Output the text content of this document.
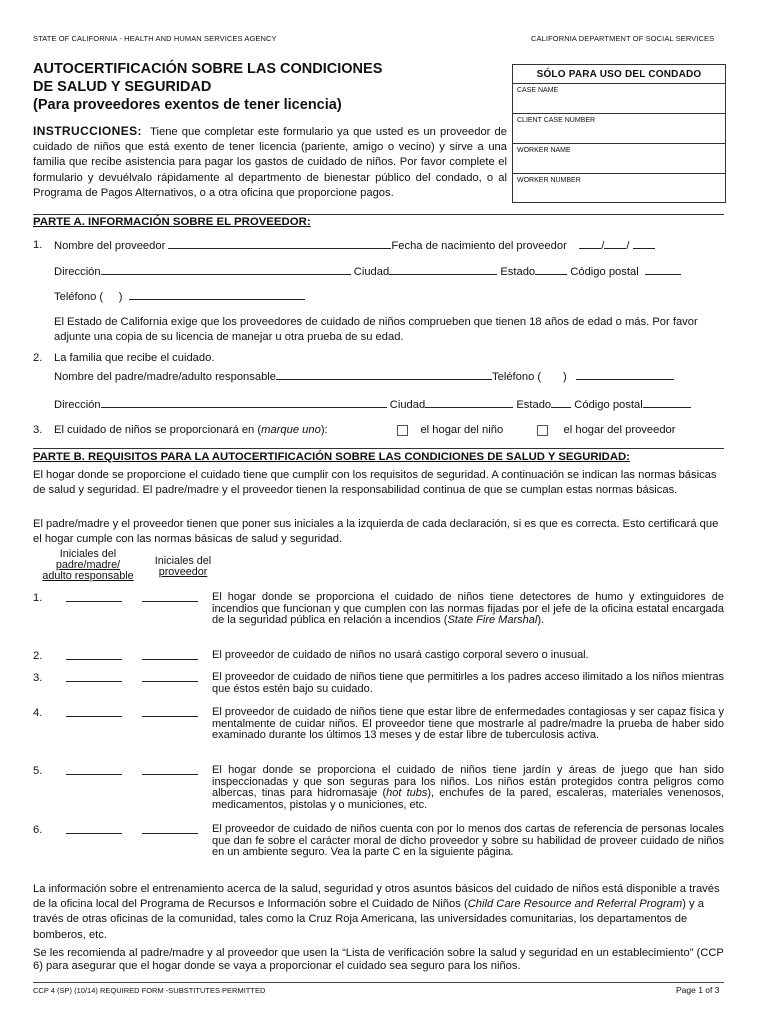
STATE OF CALIFORNIA - HEALTH AND HUMAN SERVICES AGENCY	CALIFORNIA DEPARTMENT OF SOCIAL SERVICES
AUTOCERTIFICACIÓN SOBRE LAS CONDICIONES
DE SALUD Y SEGURIDAD
(Para proveedores exentos de tener licencia)
INSTRUCCIONES: Tiene que completar este formulario ya que usted es un proveedor de cuidado de niños que está exento de tener licencia (pariente, amigo o vecino) y sirve a una familia que recibe asistencia para pagar los gastos de cuidado de niños. Por favor complete el formulario y devuélvalo rápidamente al departmento de bienestar público del condado, o al Programa de Pagos Alternativos, o a otra oficina que proporcione pagos.
SÓLO PARA USO DEL CONDADO
CASE NAME
CLIENT CASE NUMBER
WORKER NAME
WORKER NUMBER
PARTE A. INFORMACIÓN SOBRE EL PROVEEDOR:
1. Nombre del proveedor	Fecha de nacimiento del proveedor	/ /
Dirección	Ciudad	Estado	Código postal
Teléfono ( )
El Estado de California exige que los proveedores de cuidado de niños comprueben que tienen 18 años de edad o más. Por favor adjunte una copia de su licencia de manejar u otra prueba de su edad.
2. La familia que recibe el cuidado.
Nombre del padre/madre/adulto responsable	Teléfono ( )
Dirección	Ciudad	Estado Código postal
3. El cuidado de niños se proporcionará en (marque uno):	el hogar del niño	el hogar del proveedor
PARTE B. REQUISITOS PARA LA AUTOCERTIFICACIÓN SOBRE LAS CONDICIONES DE SALUD Y SEGURIDAD:
El hogar donde se proporcione el cuidado tiene que cumplir con los requisitos de seguridad. A continuación se indican las normas básicas de salud y seguridad. El padre/madre y el proveedor tienen la responsabilidad continua de que se cumplan estas normas básicas.
El padre/madre y el proveedor tienen que poner sus iniciales a la izquierda de cada declaración, si es que es correcta. Esto certificará que el hogar cumple con las normas básicas de salud y seguridad.
Iniciales del
padre/madre/
adulto responsable
Iniciales del
proveedor
1.	El hogar donde se proporciona el cuidado de niños tiene detectores de humo y extinguidores de incendios que funcionan y que cumplen con las normas fijadas por el jefe de la oficina estatal encargada de la seguridad pública en relación a incendios (State Fire Marshal).
2.	El proveedor de cuidado de niños no usará castigo corporal severo o inusual.
3.	El proveedor de cuidado de niños tiene que permitirles a los padres acceso ilimitado a los niños mientras que éstos estén bajo su cuidado.
4.	El proveedor de cuidado de niños tiene que estar libre de enfermedades contagiosas y ser capaz física y mentalmente de cuidar niños. El proveedor tiene que mostrarle al padre/madre la prueba de haber sido examinado durante los últimos 13 meses y de estar libre de tuberculosis activa.
5.	El hogar donde se proporciona el cuidado de niños tiene jardín y áreas de juego que han sido inspeccionadas y que son seguras para los niños. Los niños están protegidos contra peligros como albercas, tinas para hidromasaje (hot tubs), enchufes de la pared, escaleras, materiales venenosos, medicamentos, pistolas y o municiones, etc.
6.	El proveedor de cuidado de niños cuenta con por lo menos dos cartas de referencia de personas locales que dan fe sobre el carácter moral de dicho proveedor y sobre su habilidad de proveer cuidado de niños en un ambiente seguro. Vea la parte C en la siguiente página.
La información sobre el entrenamiento acerca de la salud, seguridad y otros asuntos básicos del cuidado de niños está disponible a través de la oficina local del Programa de Recursos e Información sobre el Cuidado de Niños (Child Care Resource and Referral Program) y a través de otras oficinas de la comunidad, tales como la Cruz Roja Americana, las universidades comunitarias, los departamentos de bomberos, etc.
Se les recomienda al padre/madre y al proveedor que usen la “Lista de verificación sobre la salud y seguridad en un establecimiento” (CCP 6) para asegurar que el hogar donde se vaya a proporcionar el cuidado sea seguro para los niños.
CCP 4 (SP) (10/14) REQUIRED FORM -SUBSTITUTES PERMITTED	Page 1 of 3
